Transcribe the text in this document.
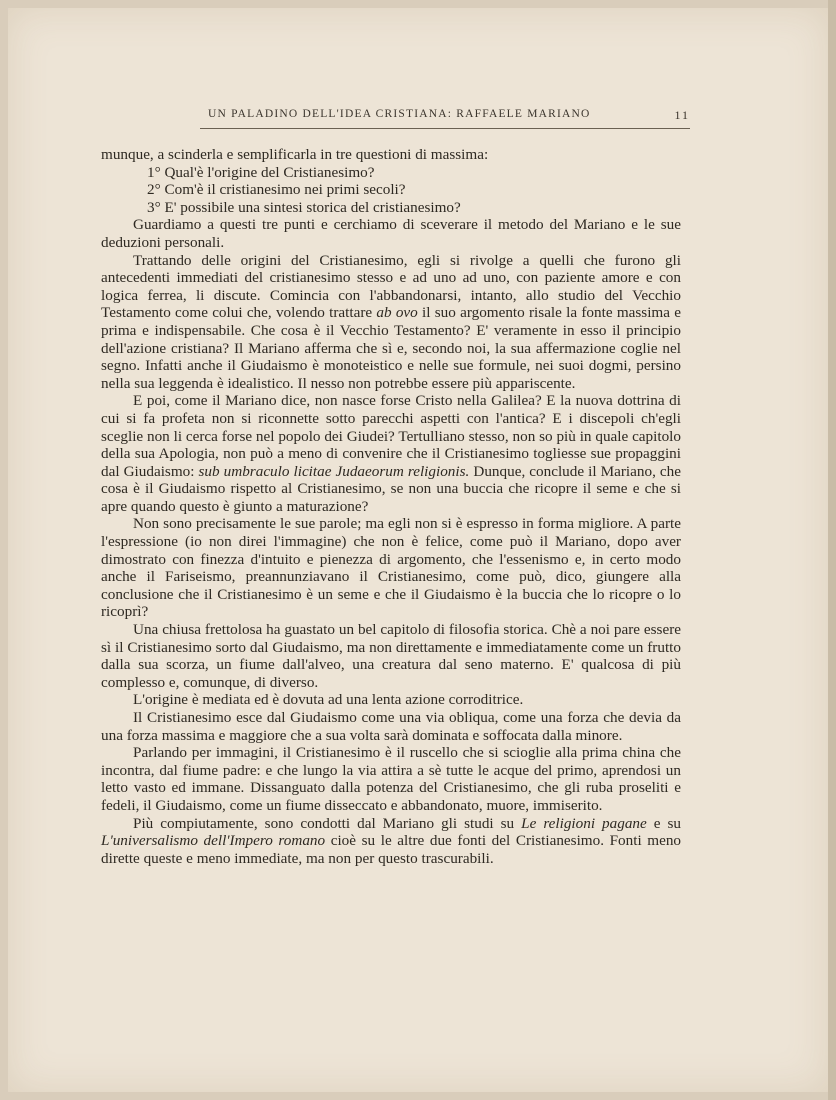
UN PALADINO DELL'IDEA CRISTIANA: RAFFAELE MARIANO	11

munque, a scinderla e semplificarla in tre questioni di massima:

1° Qual'è l'origine del Cristianesimo?

2° Com'è il cristianesimo nei primi secoli?

3° E' possibile una sintesi storica del cristianesimo?

Guardiamo a questi tre punti e cerchiamo di sceverare il metodo del Mariano e le sue deduzioni personali.

Trattando delle origini del Cristianesimo, egli si rivolge a quelli che furono gli antecedenti immediati del cristianesimo stesso e ad uno ad uno, con paziente amore e con logica ferrea, li discute. Comincia con l'abbandonarsi, intanto, allo studio del Vecchio Testamento come colui che, volendo trattare ab ovo il suo argomento risale la fonte massima e prima e indispensabile. Che cosa è il Vecchio Testamento? E' veramente in esso il principio dell'azione cristiana? Il Mariano afferma che sì e, secondo noi, la sua affermazione coglie nel segno. Infatti anche il Giudaismo è monoteistico e nelle sue formule, nei suoi dogmi, persino nella sua leggenda è idealistico. Il nesso non potrebbe essere più appariscente.

E poi, come il Mariano dice, non nasce forse Cristo nella Galilea? E la nuova dottrina di cui si fa profeta non si riconnette sotto parecchi aspetti con l'antica? E i discepoli ch'egli sceglie non li cerca forse nel popolo dei Giudei? Tertulliano stesso, non so più in quale capitolo della sua Apologia, non può a meno di convenire che il Cristianesimo togliesse sue propaggini dal Giudaismo: sub umbraculo licitae Judaeorum religionis. Dunque, conclude il Mariano, che cosa è il Giudaismo rispetto al Cristianesimo, se non una buccia che ricopre il seme e che si apre quando questo è giunto a maturazione?

Non sono precisamente le sue parole; ma egli non si è espresso in forma migliore. A parte l'espressione (io non direi l'immagine) che non è felice, come può il Mariano, dopo aver dimostrato con finezza d'intuito e pienezza di argomento, che l'essenismo e, in certo modo anche il Fariseismo, preannunziavano il Cristianesimo, come può, dico, giungere alla conclusione che il Cristianesimo è un seme e che il Giudaismo è la buccia che lo ricopre o lo ricoprì?

Una chiusa frettolosa ha guastato un bel capitolo di filosofia storica. Chè a noi pare essere sì il Cristianesimo sorto dal Giudaismo, ma non direttamente e immediatamente come un frutto dalla sua scorza, un fiume dall'alveo, una creatura dal seno materno. E' qualcosa di più complesso e, comunque, di diverso.

L'origine è mediata ed è dovuta ad una lenta azione corroditrice.

Il Cristianesimo esce dal Giudaismo come una via obliqua, come una forza che devia da una forza massima e maggiore che a sua volta sarà dominata e soffocata dalla minore.

Parlando per immagini, il Cristianesimo è il ruscello che si scioglie alla prima china che incontra, dal fiume padre: e che lungo la via attira a sè tutte le acque del primo, aprendosi un letto vasto ed immane. Dissanguato dalla potenza del Cristianesimo, che gli ruba proseliti e fedeli, il Giudaismo, come un fiume disseccato e abbandonato, muore, immiserito.

Più compiutamente, sono condotti dal Mariano gli studi su Le religioni pagane e su L'universalismo dell'Impero romano cioè su le altre due fonti del Cristianesimo. Fonti meno dirette queste e meno immediate, ma non per questo trascurabili.
